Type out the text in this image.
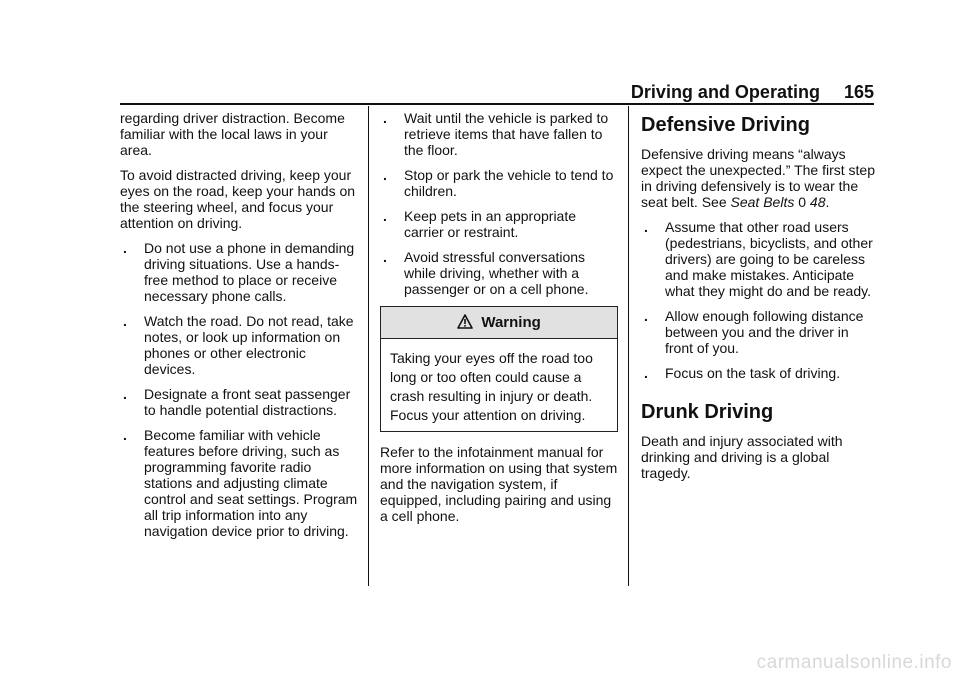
Driving and Operating 165

regarding driver distraction. Become familiar with the local laws in your area.

To avoid distracted driving, keep your eyes on the road, keep your hands on the steering wheel, and focus your attention on driving.

. Do not use a phone in demanding driving situations. Use a hands-free method to place or receive necessary phone calls.
. Watch the road. Do not read, take notes, or look up information on phones or other electronic devices.
. Designate a front seat passenger to handle potential distractions.
. Become familiar with vehicle features before driving, such as programming favorite radio stations and adjusting climate control and seat settings. Program all trip information into any navigation device prior to driving.
. Wait until the vehicle is parked to retrieve items that have fallen to the floor.
. Stop or park the vehicle to tend to children.
. Keep pets in an appropriate carrier or restraint.
. Avoid stressful conversations while driving, whether with a passenger or on a cell phone.
Warning
Taking your eyes off the road too long or too often could cause a crash resulting in injury or death. Focus your attention on driving.

Refer to the infotainment manual for more information on using that system and the navigation system, if equipped, including pairing and using a cell phone.

Defensive Driving

Defensive driving means “always expect the unexpected.” The first step in driving defensively is to wear the seat belt. See Seat Belts 0 48.

. Assume that other road users (pedestrians, bicyclists, and other drivers) are going to be careless and make mistakes. Anticipate what they might do and be ready.
. Allow enough following distance between you and the driver in front of you.
. Focus on the task of driving.
Drunk Driving

Death and injury associated with drinking and driving is a global tragedy.

carmanualsonline.info
